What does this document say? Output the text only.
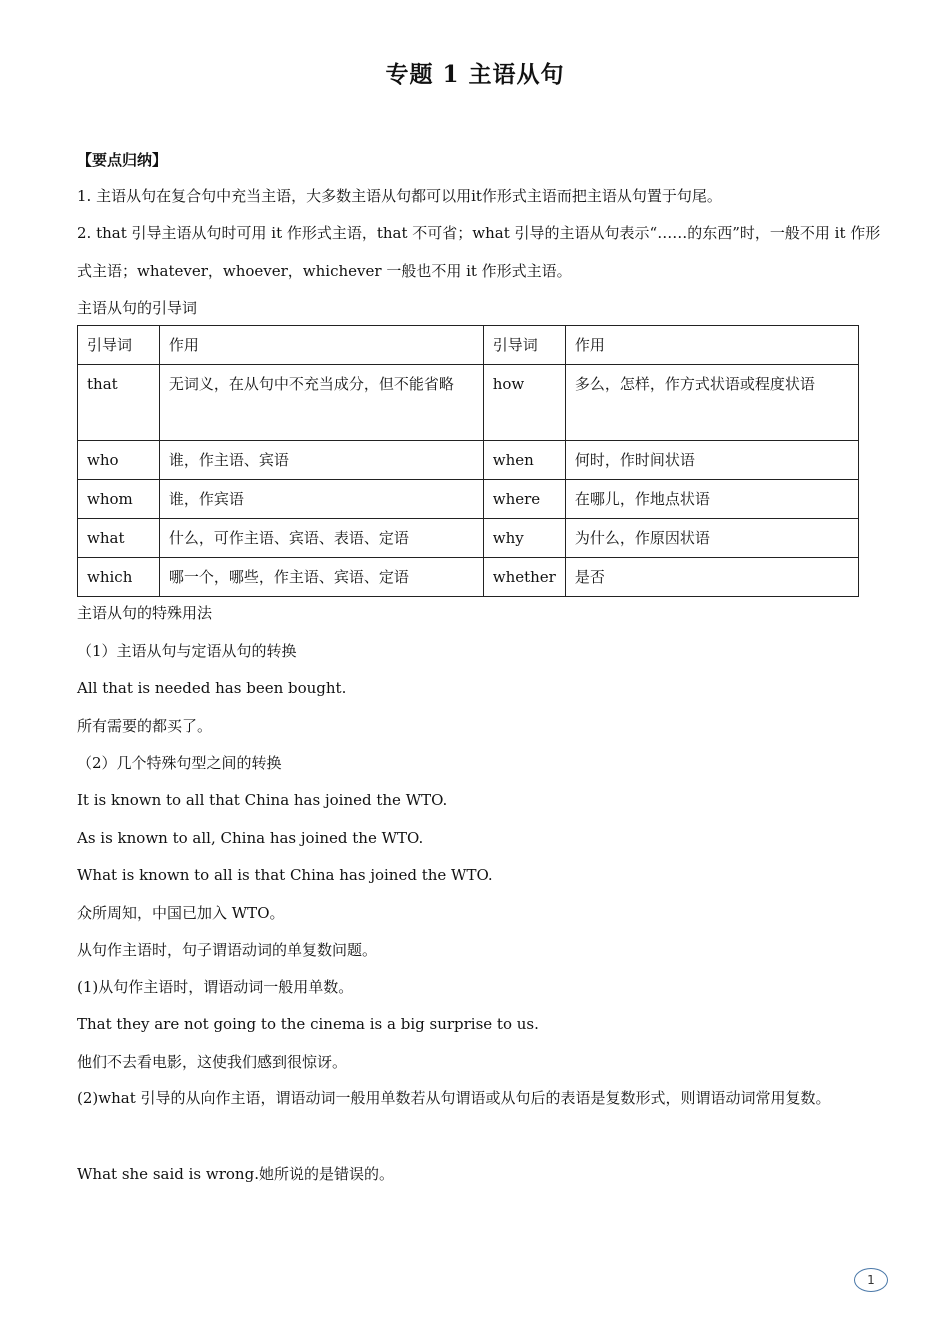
专题 1 主语从句
【要点归纳】
1. 主语从句在复合句中充当主语，大多数主语从句都可以用it作形式主语而把主语从句置于句尾。
2. that 引导主语从句时可用 it 作形式主语，that 不可省；what 引导的主语从句表示“……的东西”时，一般不用 it 作形式主语；whatever，whoever，whichever 一般也不用 it 作形式主语。
主语从句的引导词
引导词	作用	引导词	作用
that	无词义，在从句中不充当成分，但不能省略	how	多么，怎样，作方式状语或程度状语
who	谁，作主语、宾语	when	何时，作时间状语
whom	谁，作宾语	where	在哪儿，作地点状语
what	什么，可作主语、宾语、表语、定语	why	为什么，作原因状语
which	哪一个，哪些，作主语、宾语、定语	whether	是否
主语从句的特殊用法
（1）主语从句与定语从句的转换
All that is needed has been bought.
所有需要的都买了。
（2）几个特殊句型之间的转换
It is known to all that China has joined the WTO.
As is known to all, China has joined the WTO.
What is known to all is that China has joined the WTO.
众所周知，中国已加入 WTO。
从句作主语时，句子谓语动词的单复数问题。
(1)从句作主语时，谓语动词一般用单数。
That they are not going to the cinema is a big surprise to us.
他们不去看电影，这使我们感到很惊讶。
(2)what 引导的从向作主语，谓语动词一般用单数若从句谓语或从句后的表语是复数形式，则谓语动词常用复数。
What she said is wrong.她所说的是错误的。
1
